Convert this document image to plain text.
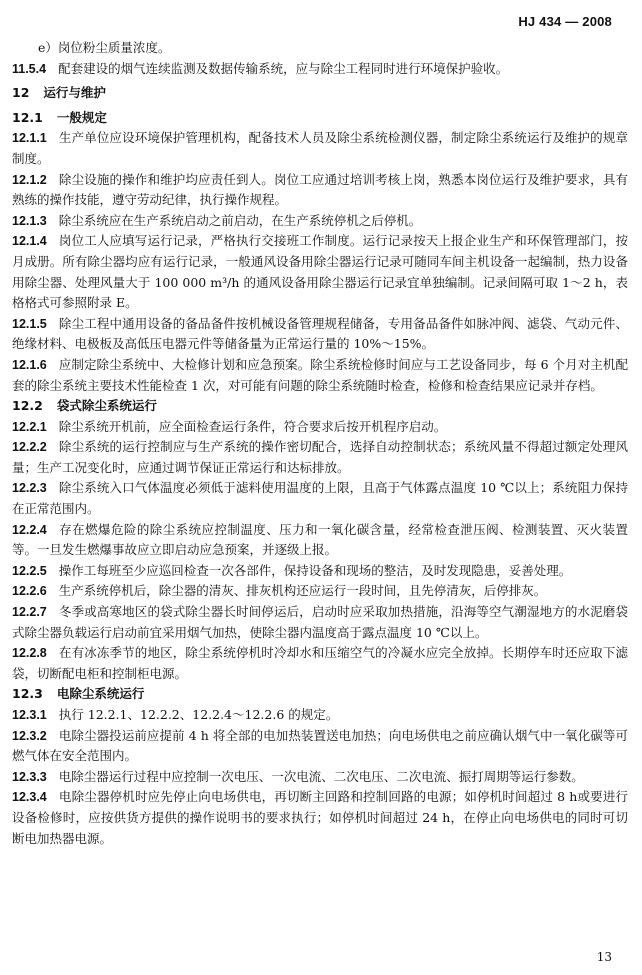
HJ 434 — 2008

e）岗位粉尘质量浓度。

11.5.4 配套建设的烟气连续监测及数据传输系统，应与除尘工程同时进行环境保护验收。

12 运行与维护

12.1 一般规定

12.1.1 生产单位应设环境保护管理机构，配备技术人员及除尘系统检测仪器，制定除尘系统运行及维护的规章制度。

12.1.2 除尘设施的操作和维护均应责任到人。岗位工应通过培训考核上岗，熟悉本岗位运行及维护要求，具有熟练的操作技能，遵守劳动纪律，执行操作规程。

12.1.3 除尘系统应在生产系统启动之前启动，在生产系统停机之后停机。

12.1.4 岗位工人应填写运行记录，严格执行交接班工作制度。运行记录按天上报企业生产和环保管理部门，按月成册。所有除尘器均应有运行记录，一般通风设备用除尘器运行记录可随同车间主机设备一起编制，热力设备用除尘器、处理风量大于 100 000 m³/h 的通风设备用除尘器运行记录宜单独编制。记录间隔可取 1～2 h，表格格式可参照附录 E。

12.1.5 除尘工程中通用设备的备品备件按机械设备管理规程储备，专用备品备件如脉冲阀、滤袋、气动元件、绝缘材料、电极板及高低压电器元件等储备量为正常运行量的 10%～15%。

12.1.6 应制定除尘系统中、大检修计划和应急预案。除尘系统检修时间应与工艺设备同步，每 6 个月对主机配套的除尘系统主要技术性能检查 1 次，对可能有问题的除尘系统随时检查，检修和检查结果应记录并存档。

12.2 袋式除尘系统运行

12.2.1 除尘系统开机前，应全面检查运行条件，符合要求后按开机程序启动。

12.2.2 除尘系统的运行控制应与生产系统的操作密切配合，选择自动控制状态；系统风量不得超过额定处理风量；生产工况变化时，应通过调节保证正常运行和达标排放。

12.2.3 除尘系统入口气体温度必须低于滤料使用温度的上限，且高于气体露点温度 10 ℃以上；系统阻力保持在正常范围内。

12.2.4 存在燃爆危险的除尘系统应控制温度、压力和一氧化碳含量，经常检查泄压阀、检测装置、灭火装置等。一旦发生燃爆事故应立即启动应急预案，并逐级上报。

12.2.5 操作工每班至少应巡回检查一次各部件，保持设备和现场的整洁，及时发现隐患，妥善处理。

12.2.6 生产系统停机后，除尘器的清灰、排灰机构还应运行一段时间，且先停清灰，后停排灰。

12.2.7 冬季或高寒地区的袋式除尘器长时间停运后，启动时应采取加热措施，沿海等空气潮湿地方的水泥磨袋式除尘器负载运行启动前宜采用烟气加热，使除尘器内温度高于露点温度 10 ℃以上。

12.2.8 在有冰冻季节的地区，除尘系统停机时冷却水和压缩空气的冷凝水应完全放掉。长期停车时还应取下滤袋，切断配电柜和控制柜电源。

12.3 电除尘系统运行

12.3.1 执行 12.2.1、12.2.2、12.2.4～12.2.6 的规定。

12.3.2 电除尘器投运前应提前 4 h 将全部的电加热装置送电加热；向电场供电之前应确认烟气中一氧化碳等可燃气体在安全范围内。

12.3.3 电除尘器运行过程中应控制一次电压、一次电流、二次电压、二次电流、振打周期等运行参数。

12.3.4 电除尘器停机时应先停止向电场供电，再切断主回路和控制回路的电源；如停机时间超过 8 h或要进行设备检修时，应按供货方提供的操作说明书的要求执行；如停机时间超过 24 h，在停止向电场供电的同时可切断电加热器电源。

13
